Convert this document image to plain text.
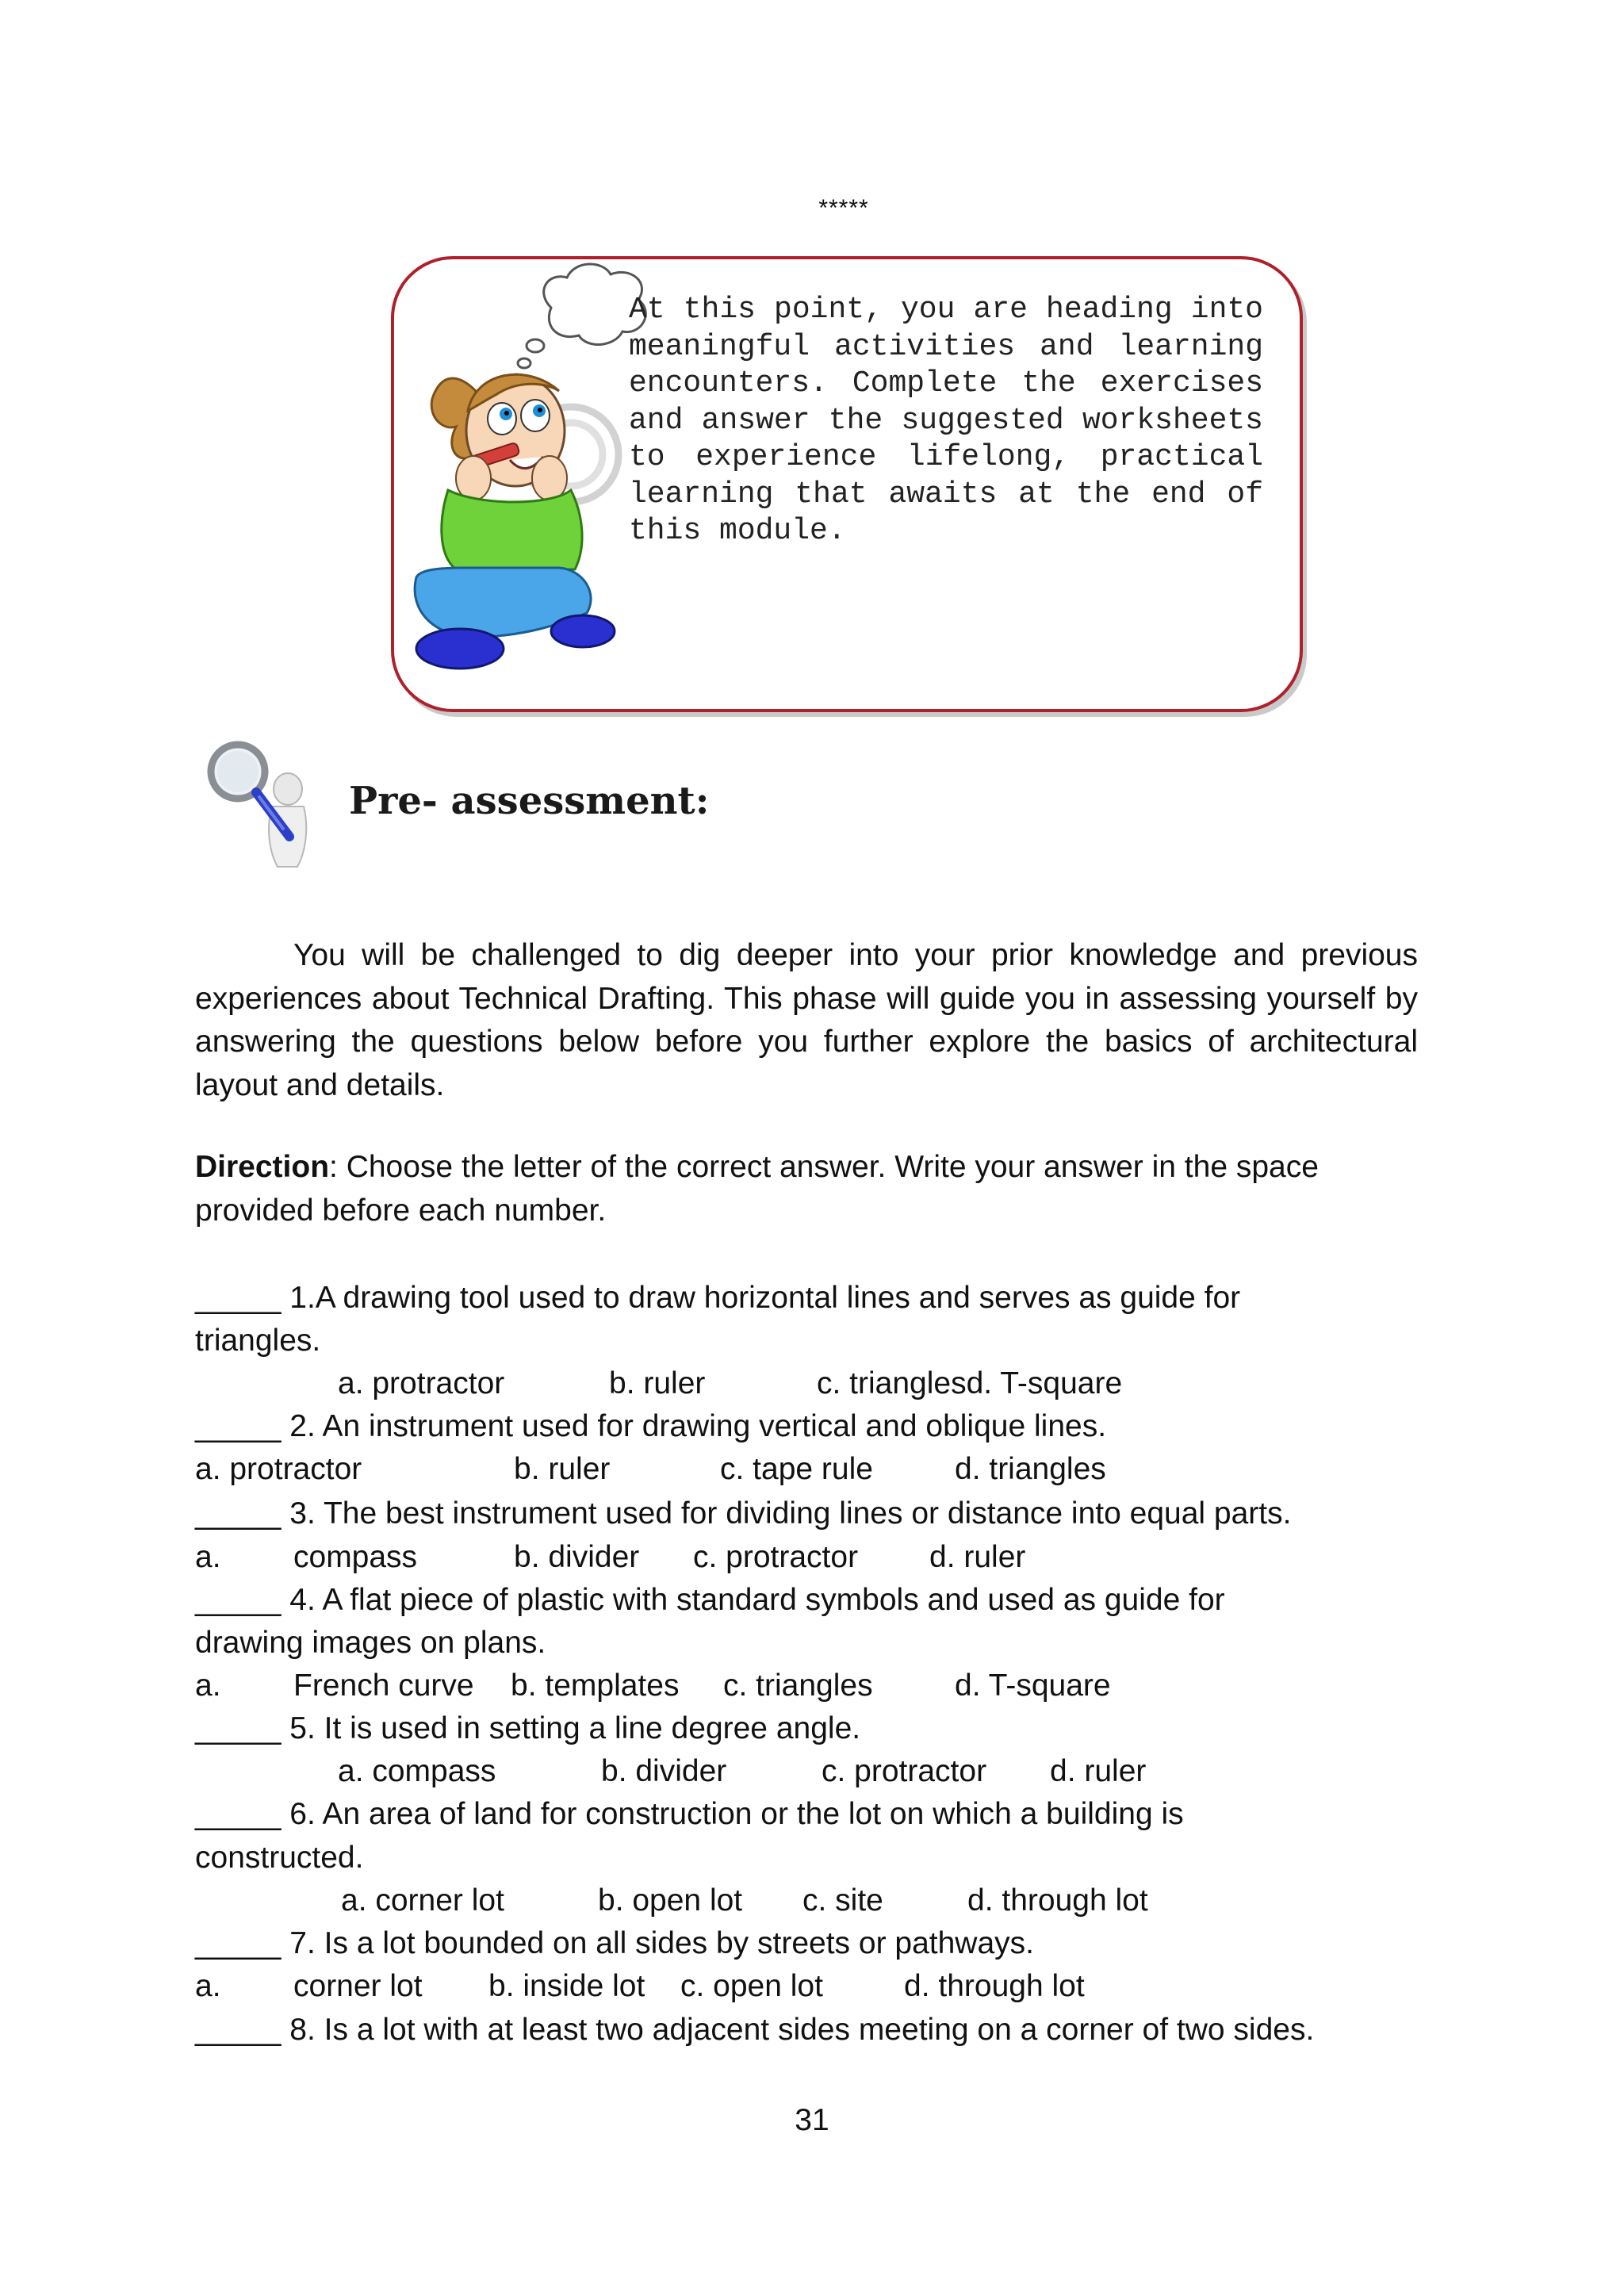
*****
At this point, you are heading into meaningful activities and learning encounters. Complete the exercises and answer the suggested worksheets to experience lifelong, practical learning that awaits at the end of this module.
Pre- assessment:
You will be challenged to dig deeper into your prior knowledge and previous experiences about Technical Drafting. This phase will guide you in assessing yourself by answering the questions below before you further explore the basics of architectural layout and details.
Direction: Choose the letter of the correct answer. Write your answer in the space provided before each number.
_____ 1.A drawing tool used to draw horizontal lines and serves as guide for
triangles.
a. protractor	b. ruler	c. trianglesd. T-square
_____ 2. An instrument used for drawing vertical and oblique lines.
a. protractor	b. ruler	c. tape rule	d. triangles
_____ 3. The best instrument used for dividing lines or distance into equal parts.
a. compass	b. divider c. protractor d. ruler
_____ 4. A flat piece of plastic with standard symbols and used as guide for
drawing images on plans.
a. French curve b. templates c. triangles	d. T-square
_____ 5. It is used in setting a line degree angle.
a. compass	b. divider	c. protractor d. ruler
_____ 6. An area of land for construction or the lot on which a building is
constructed.
a. corner lot	b. open lot c. site	d. through lot
_____ 7. Is a lot bounded on all sides by streets or pathways.
a. corner lot b. inside lot c. open lot	d. through lot
_____ 8. Is a lot with at least two adjacent sides meeting on a corner of two sides.
31
